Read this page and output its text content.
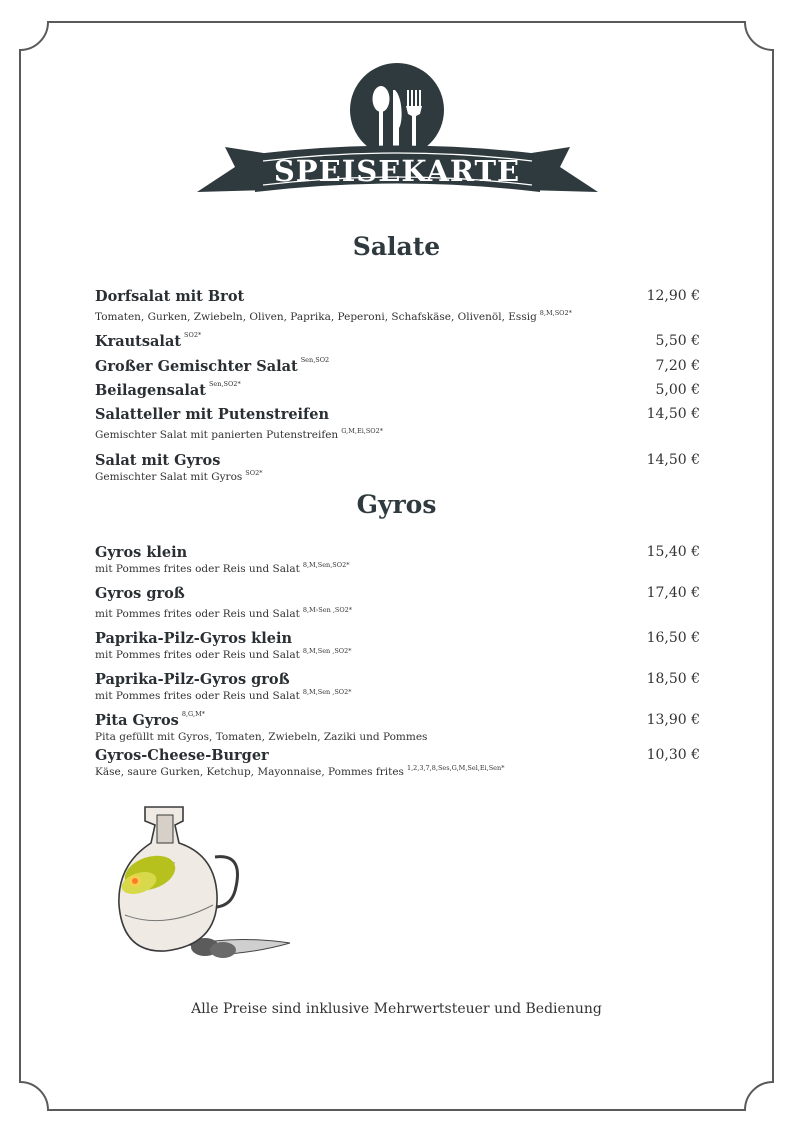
SPEISEKARTE
Salate
Dorfsalat mit Brot	12,90 €
Tomaten, Gurken, Zwiebeln, Oliven, Paprika, Peperoni, Schafskäse, Olivenöl, Essig $^{8,M,SO2*}$
Krautsalat $^{SO2*}$	5,50 €
Großer Gemischter Salat $^{Sen,SO2}$	7,20 €
Beilagensalat $^{Sen,SO2*}$	5,00 €
Salatteller mit Putenstreifen	14,50 €
Gemischter Salat mit panierten Putenstreifen $^{G,M,Ei,SO2*}$
Salat mit Gyros	14,50 €
Gemischter Salat mit Gyros $^{SO2*}$
Gyros
Gyros klein	15,40 €
mit Pommes frites oder Reis und Salat $^{8,M,Sen,SO2*}$
Gyros groß	17,40 €
mit Pommes frites oder Reis und Salat $^{8,M›Sen ,SO2*}$
Paprika-Pilz-Gyros klein	16,50 €
mit Pommes frites oder Reis und Salat $^{8,M,Sen ,SO2*}$
Paprika-Pilz-Gyros groß	18,50 €
mit Pommes frites oder Reis und Salat $^{8,M,Sen ,SO2*}$
Pita Gyros $^{8,G,M*}$	13,90 €
Pita gefüllt mit Gyros, Tomaten, Zwiebeln, Zaziki und Pommes
Gyros-Cheese-Burger	10,30 €
Käse, saure Gurken, Ketchup, Mayonnaise, Pommes frites $^{1,2,3,7,8,Ses,G,M,Sel,Ei,Sen*}$
Alle Preise sind inklusive Mehrwertsteuer und Bedienung
